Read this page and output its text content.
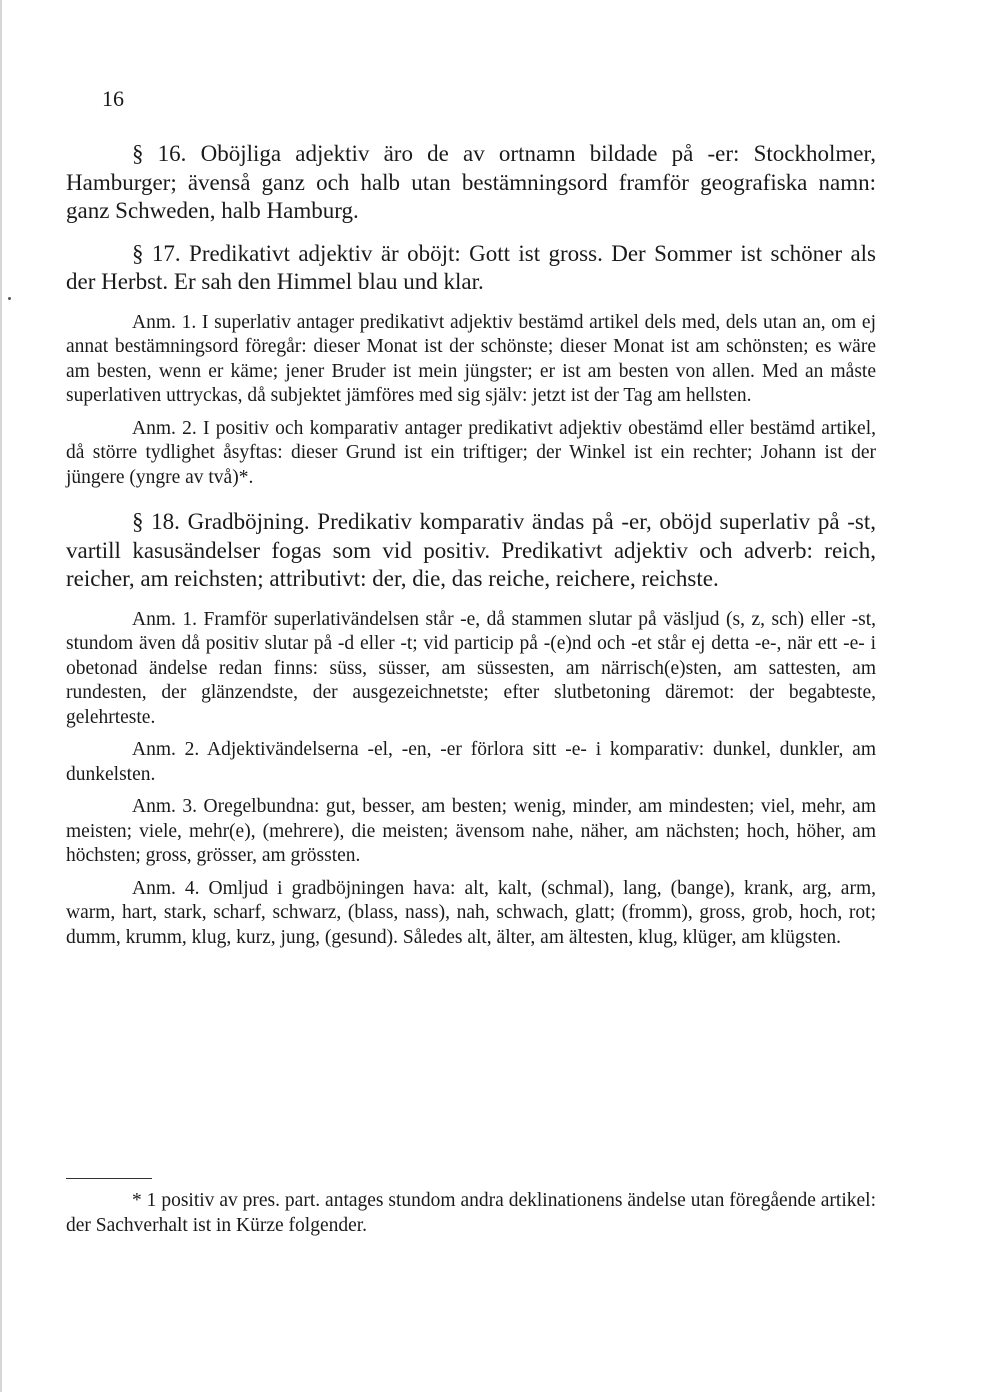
16

§ 16. Oböjliga adjektiv äro de av ortnamn bildade på -er: Stockholmer, Hamburger; ävenså ganz och halb utan bestämningsord framför geografiska namn: ganz Schweden, halb Hamburg.

§ 17. Predikativt adjektiv är oböjt: Gott ist gross. Der Sommer ist schöner als der Herbst. Er sah den Himmel blau und klar.

Anm. 1. I superlativ antager predikativt adjektiv bestämd artikel dels med, dels utan an, om ej annat bestämningsord föregår: dieser Monat ist der schönste; dieser Monat ist am schönsten; es wäre am besten, wenn er käme; jener Bruder ist mein jüngster; er ist am besten von allen. Med an måste superlativen uttryckas, då subjektet jämföres med sig själv: jetzt ist der Tag am hellsten.

Anm. 2. I positiv och komparativ antager predikativt adjektiv obestämd eller bestämd artikel, då större tydlighet åsyftas: dieser Grund ist ein triftiger; der Winkel ist ein rechter; Johann ist der jüngere (yngre av två)*.

§ 18. Gradböjning. Predikativ komparativ ändas på -er, oböjd superlativ på -st, vartill kasusändelser fogas som vid positiv. Predikativt adjektiv och adverb: reich, reicher, am reichsten; attributivt: der, die, das reiche, reichere, reichste.

Anm. 1. Framför superlativändelsen står -e, då stammen slutar på väsljud (s, z, sch) eller -st, stundom även då positiv slutar på -d eller -t; vid particip på -(e)nd och -et står ej detta -e-, när ett -e- i obetonad ändelse redan finns: süss, süsser, am süssesten, am närrisch(e)sten, am sattesten, am rundesten, der glänzendste, der ausgezeichnetste; efter slutbetoning däremot: der begabteste, gelehrteste.

Anm. 2. Adjektivändelserna -el, -en, -er förlora sitt -e- i komparativ: dunkel, dunkler, am dunkelsten.

Anm. 3. Oregelbundna: gut, besser, am besten; wenig, minder, am mindesten; viel, mehr, am meisten; viele, mehr(e), (mehrere), die meisten; ävensom nahe, näher, am nächsten; hoch, höher, am höchsten; gross, grösser, am grössten.

Anm. 4. Omljud i gradböjningen hava: alt, kalt, (schmal), lang, (bange), krank, arg, arm, warm, hart, stark, scharf, schwarz, (blass, nass), nah, schwach, glatt; (fromm), gross, grob, hoch, rot; dumm, krumm, klug, kurz, jung, (gesund). Således alt, älter, am ältesten, klug, klüger, am klügsten.

* 1 positiv av pres. part. antages stundom andra deklinationens ändelse utan föregående artikel: der Sachverhalt ist in Kürze folgender.
